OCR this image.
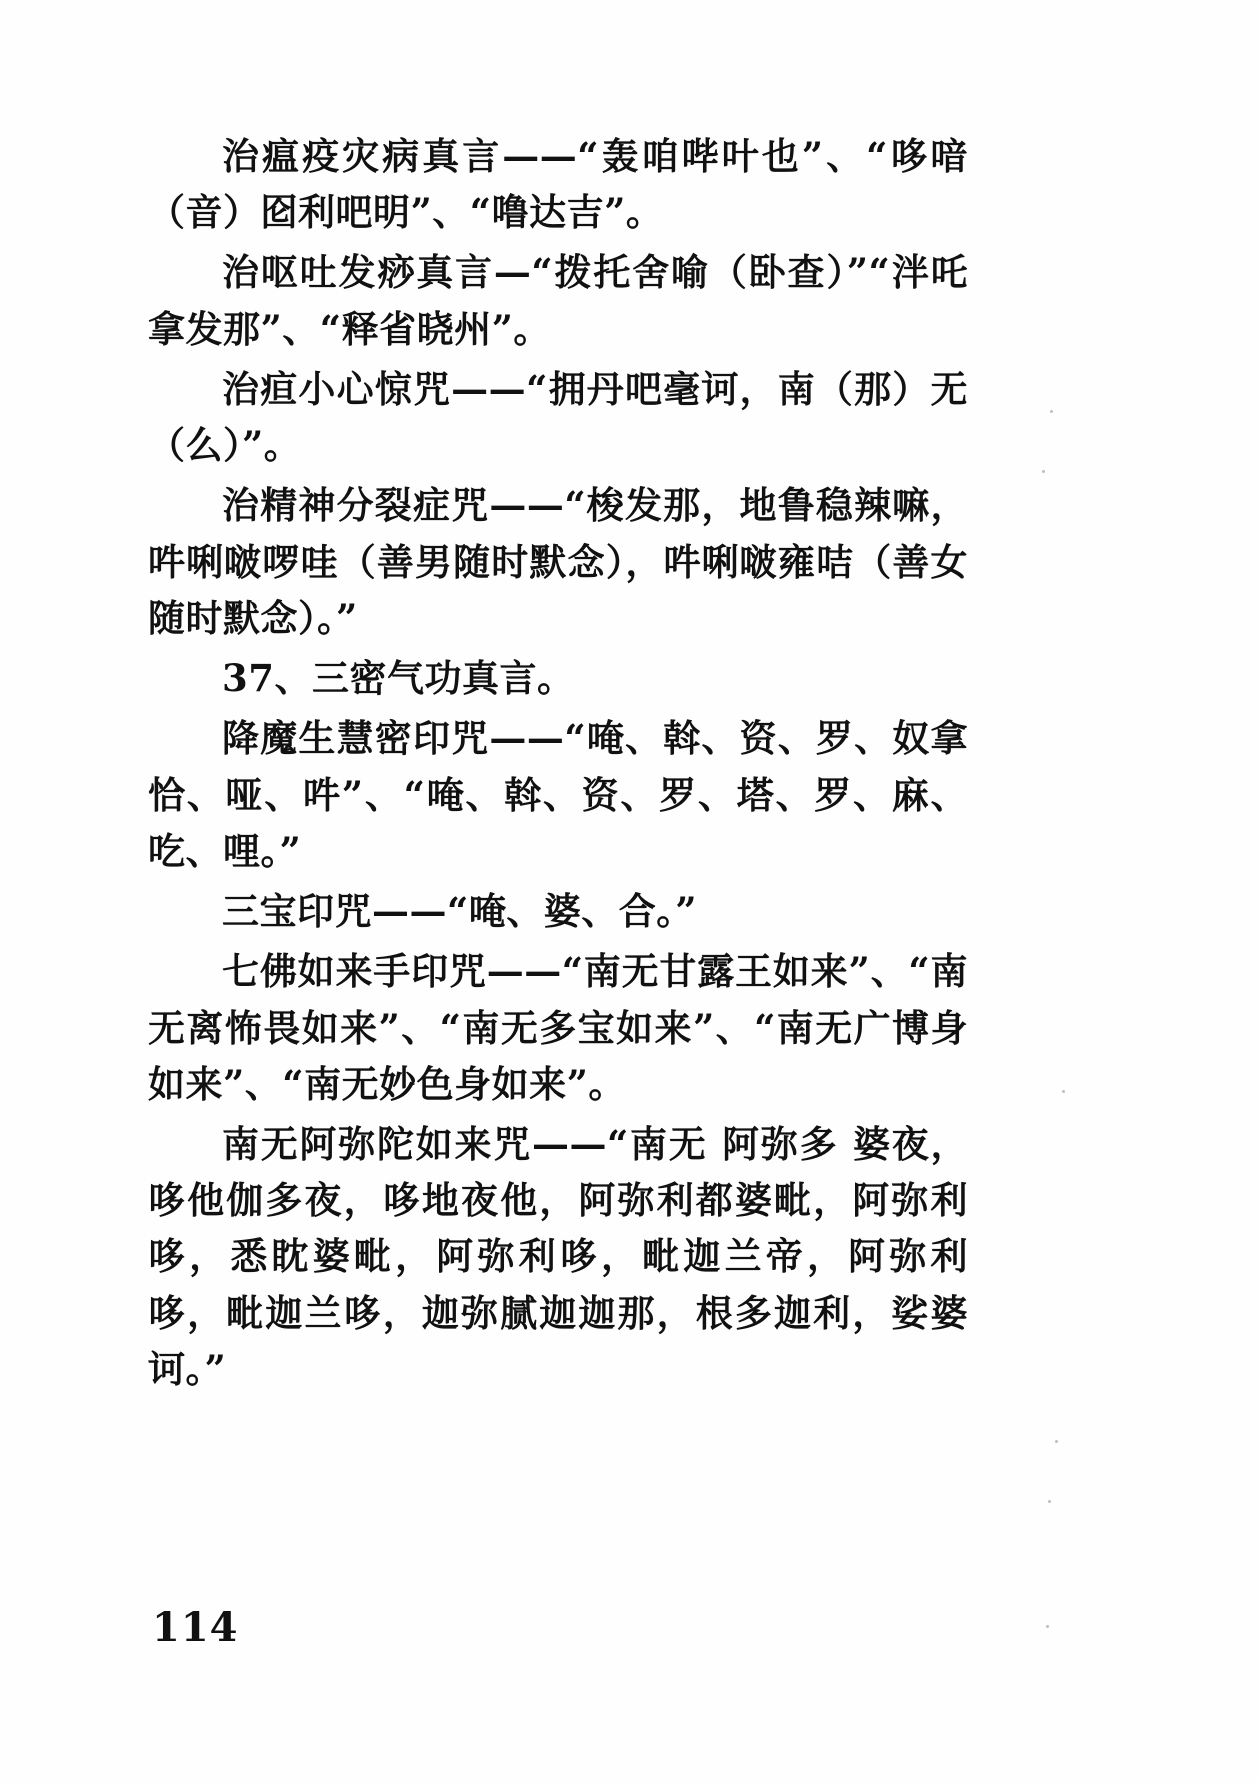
治瘟疫灾病真言——“轰咱哔叶也”、“哆喑（音）囵利吧明”、“噜达吉”。

治呕吐发痧真言—“拨托舍喻（卧查）”“泮吒拿发那”、“释省晓州”。

治疸小心惊咒——“拥丹吧毫诃，南（那）无（么）”。

治精神分裂症咒——“梭发那，地鲁稳辣嘛，吽唎啵啰哇（善男随时默念），吽唎啵雍咭（善女随时默念）。”

37、三密气功真言。

降魔生慧密印咒——“唵、斡、资、罗、奴拿恰、哑、吽”、“唵、斡、资、罗、塔、罗、麻、吃、哩。”

三宝印咒——“唵、婆、合。”

七佛如来手印咒——“南无甘露王如来”、“南无离怖畏如来”、“南无多宝如来”、“南无广博身如来”、“南无妙色身如来”。

南无阿弥陀如来咒——“南无 阿弥多 婆夜，哆他伽多夜，哆地夜他，阿弥利都婆毗，阿弥利哆，悉眈婆毗，阿弥利哆，毗迦兰帝，阿弥利哆，毗迦兰哆，迦弥腻迦迦那，根多迦利，娑婆诃。”

114
